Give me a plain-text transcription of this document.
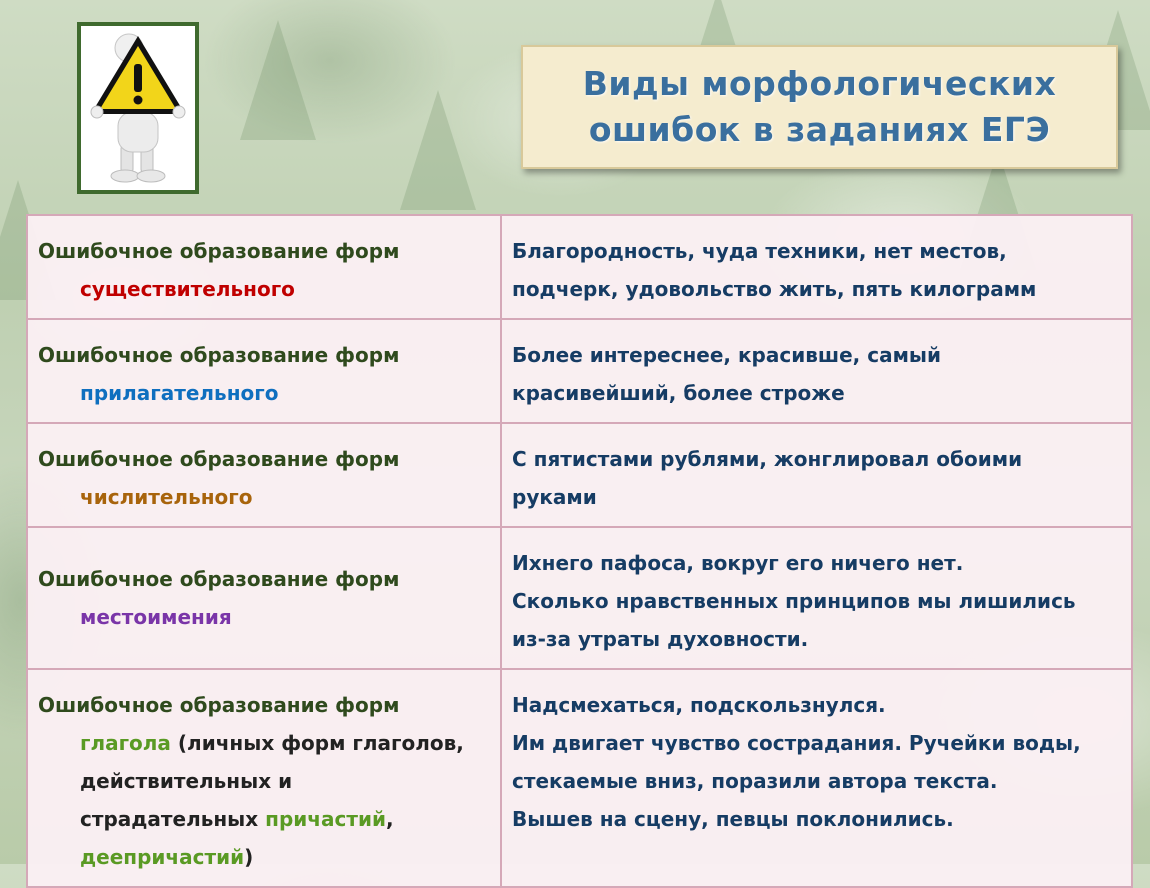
Виды морфологических
ошибок в заданиях ЕГЭ
Ошибочное образование форм
существительного	Благородность, чуда техники, нет местов,
подчерк, удовольство жить, пять килограмм

Ошибочное образование форм
прилагательного	Более интереснее, красивше, самый
красивейший, более строже

Ошибочное образование форм
числительного	С пятистами рублями, жонглировал обоими
руками

Ошибочное образование форм
местоимения	Ихнего пафоса, вокруг его ничего нет.
Сколько нравственных принципов мы лишились
из-за утраты духовности.

Ошибочное образование форм
глагола (личных форм глаголов,
действительных и
страдательных причастий,
деепричастий)	Надсмехаться, подскользнулся.
Им двигает чувство сострадания. Ручейки воды,
стекаемые вниз, поразили автора текста.
Вышев на сцену, певцы поклонились.
